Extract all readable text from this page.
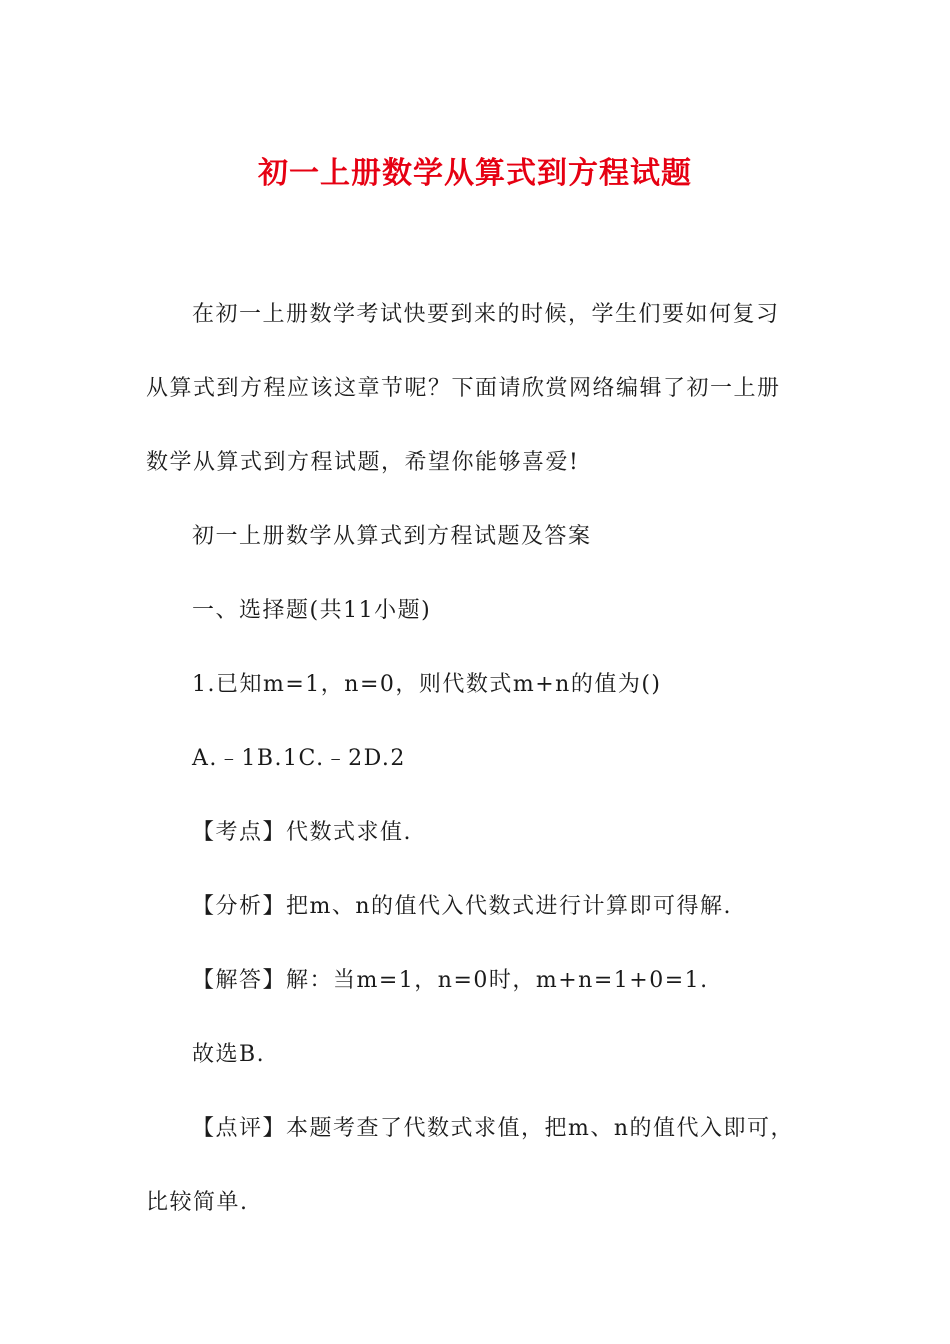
初一上册数学从算式到方程试题

在初一上册数学考试快要到来的时候，学生们要如何复习从算式到方程应该这章节呢？下面请欣赏网络编辑了初一上册数学从算式到方程试题，希望你能够喜爱!

初一上册数学从算式到方程试题及答案

一、选择题(共11小题)

1.已知m=1，n=0，则代数式m+n的值为()

A.﹣1B.1C.﹣2D.2

【考点】代数式求值.

【分析】把m、n的值代入代数式进行计算即可得解.

【解答】解：当m=1，n=0时，m+n=1+0=1.

故选B.

【点评】本题考查了代数式求值，把m、n的值代入即可，比较简单.
